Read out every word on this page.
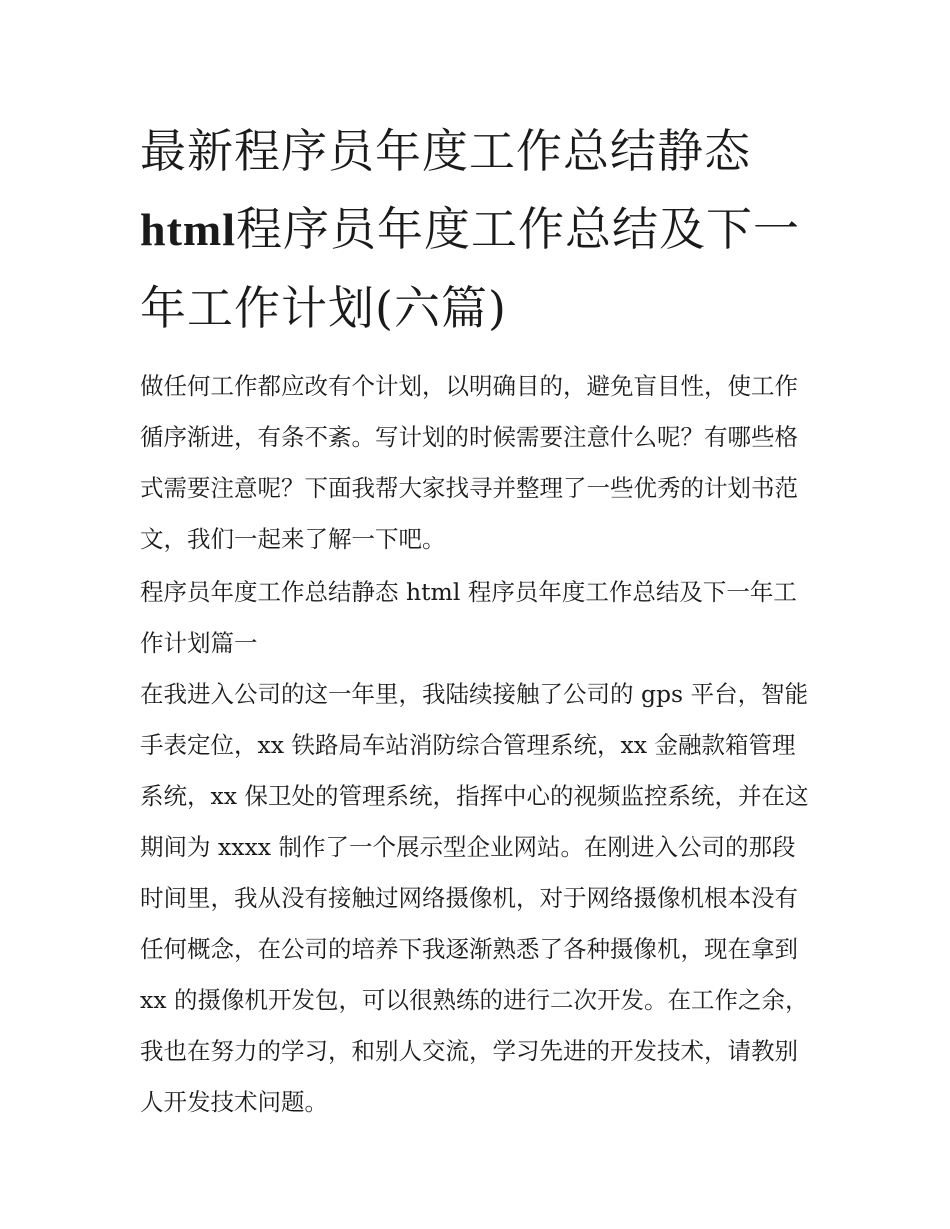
最新程序员年度工作总结静态
html程序员年度工作总结及下一年工作计划(六篇)

做任何工作都应改有个计划，以明确目的，避免盲目性，使工作循序渐进，有条不紊。写计划的时候需要注意什么呢？有哪些格式需要注意呢？下面我帮大家找寻并整理了一些优秀的计划书范文，我们一起来了解一下吧。

程序员年度工作总结静态 html 程序员年度工作总结及下一年工作计划篇一

在我进入公司的这一年里，我陆续接触了公司的 gps 平台，智能手表定位，xx 铁路局车站消防综合管理系统，xx 金融款箱管理系统，xx 保卫处的管理系统，指挥中心的视频监控系统，并在这期间为 xxxx 制作了一个展示型企业网站。在刚进入公司的那段时间里，我从没有接触过网络摄像机，对于网络摄像机根本没有任何概念，在公司的培养下我逐渐熟悉了各种摄像机，现在拿到 xx 的摄像机开发包，可以很熟练的进行二次开发。在工作之余，我也在努力的学习，和别人交流，学习先进的开发技术，请教别人开发技术问题。
